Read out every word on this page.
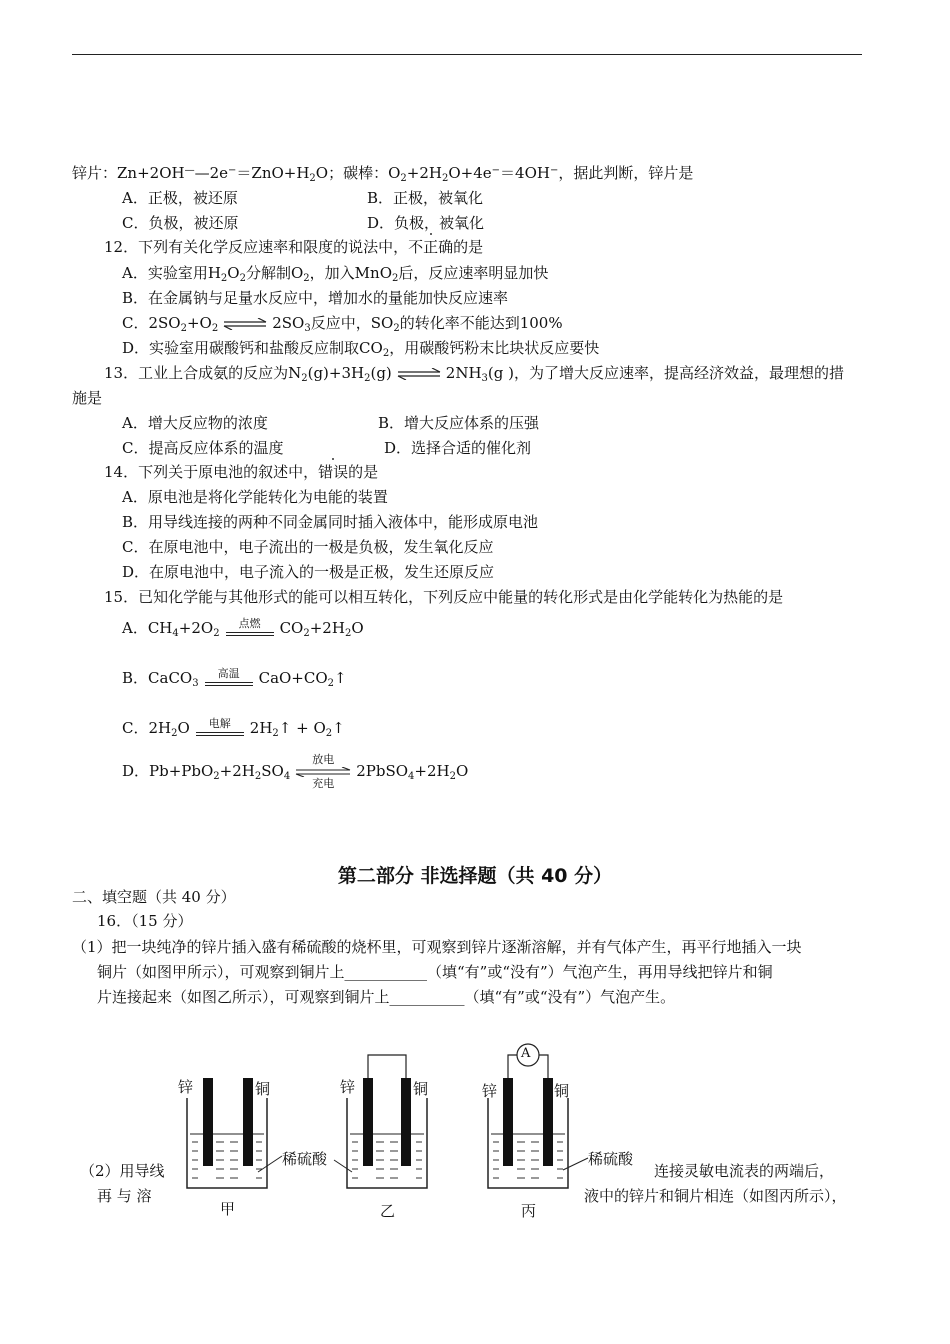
锌片：$Zn+2OH^——2e^-=ZnO+H_2O$；碳棒：$O_2+2H_2O+4e^-=4OH^-$，据此判断，锌片是
A．正极，被还原	B．正极，被氧化
C．负极，被还原	D．负极，被氧化
12．下列有关化学反应速率和限度的说法中，不正确的是
A．实验室用$H_2O_2$分解制$O_2$，加入MnO$_2$后，反应速率明显加快
B．在金属钠与足量水反应中，增加水的量能加快反应速率
C．$2SO_2+O_2$ ⇌ $2SO_3$反应中，$SO_2$的转化率不能达到100%
D．实验室用碳酸钙和盐酸反应制取$CO_2$，用碳酸钙粉末比块状反应要快
13．工业上合成氨的反应为$N_2(g)+3H_2(g)$ ⇌ $2NH_3(g$ )，为了增大反应速率，提高经济效益，最理想的措
施是
A．增大反应物的浓度	B．增大反应体系的压强
C．提高反应体系的温度	D．选择合适的催化剂
14．下列关于原电池的叙述中，错误的是
A．原电池是将化学能转化为电能的装置
B．用导线连接的两种不同金属同时插入液体中，能形成原电池
C．在原电池中，电子流出的一极是负极，发生氧化反应
D．在原电池中，电子流入的一极是正极，发生还原反应
15．已知化学能与其他形式的能可以相互转化，下列反应中能量的转化形式是由化学能转化为热能的是
A．$CH_4+2O_2$
点燃	$CO_2+2H_2O$
B．CaCO$_3$
高温	$CaO+CO_2↑$
C．$2H_2O$	电解	$2H_2↑$ + $O_2↑$
D．$Pb+PbO_2+2H_2SO_4$
放电
充电
$2PbSO_4+2H_2O$
第二部分 非选择题（共 40 分）
二、填空题（共 40 分）
16．（15 分）
（1）把一块纯净的锌片插入盛有稀硫酸的烧杯里，可观察到锌片逐渐溶解，并有气体产生，再平行地插入一块
铜片（如图甲所示），可观察到铜片上___________（填“有”或“没有”）气泡产生，再用导线把锌片和铜
片连接起来（如图乙所示），可观察到铜片上__________（填“有”或“没有”）气泡产生。
（2）用导线
再 与 溶
连接灵敏电流表的两端后，
液中的锌片和铜片相连（如图丙所示），
A
锌	铜	锌	铜	锌	铜
稀硫酸	稀硫酸
甲	乙	丙
